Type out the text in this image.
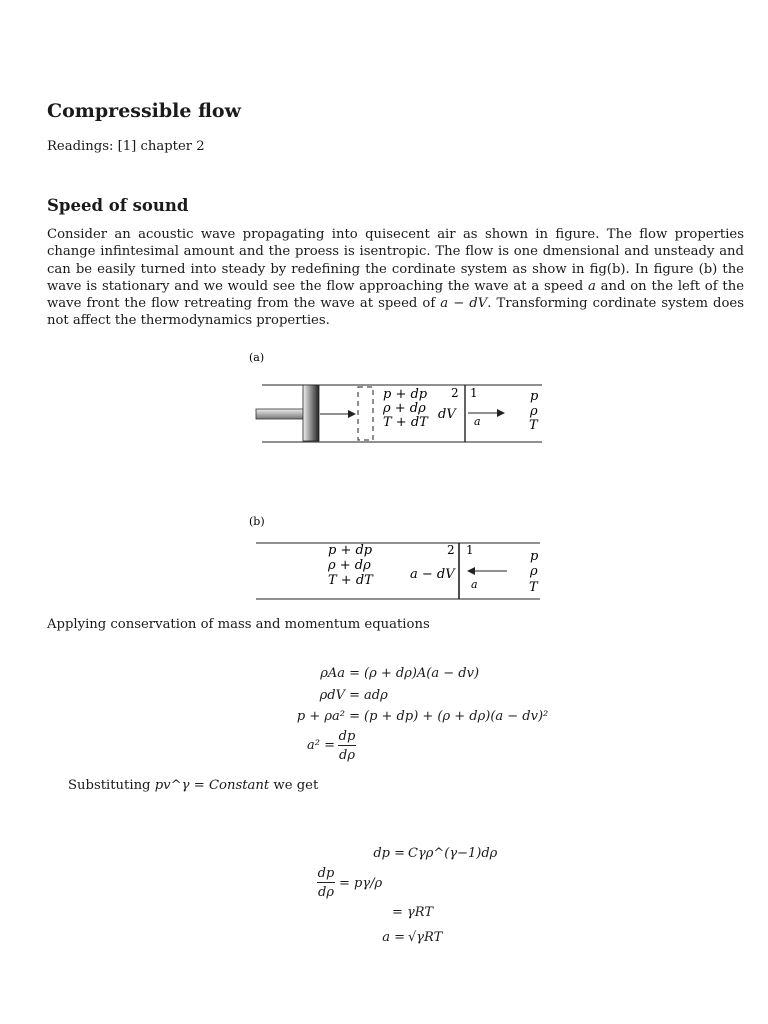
Compressible flow
Readings: [1] chapter 2
Speed of sound
Consider an acoustic wave propagating into quisecent air as shown in figure. The flow properties change infintesimal amount and the proess is isentropic. The flow is one dmensional and unsteady and can be easily turned into steady by redefining the cordinate system as show in fig(b). In figure (b) the wave is stationary and we would see the flow approaching the wave at a speed a and on the left of the wave front the flow retreating from the wave at speed of a − dV. Transforming cordinate system does not affect the thermodynamics properties.
(a)
p + dp
ρ + dρ
T + dT
dV
2 1
a
p
ρ
T
(b)
p + dp
ρ + dρ
T + dT	a − dV
2 1
a
p
ρ
T
Applying conservation of mass and momentum equations
ρAa = (ρ + dρ)A(a − dv)
ρdV = adρ
p + ρa² = (p + dp) + (ρ + dρ)(a − dv)²
a² =
dp
dρ
Substituting pv^γ = Constant we get
dp = Cγρ^(γ−1)dρ
dp
dρ
= pγ/ρ
= γRT
a = √γRT
